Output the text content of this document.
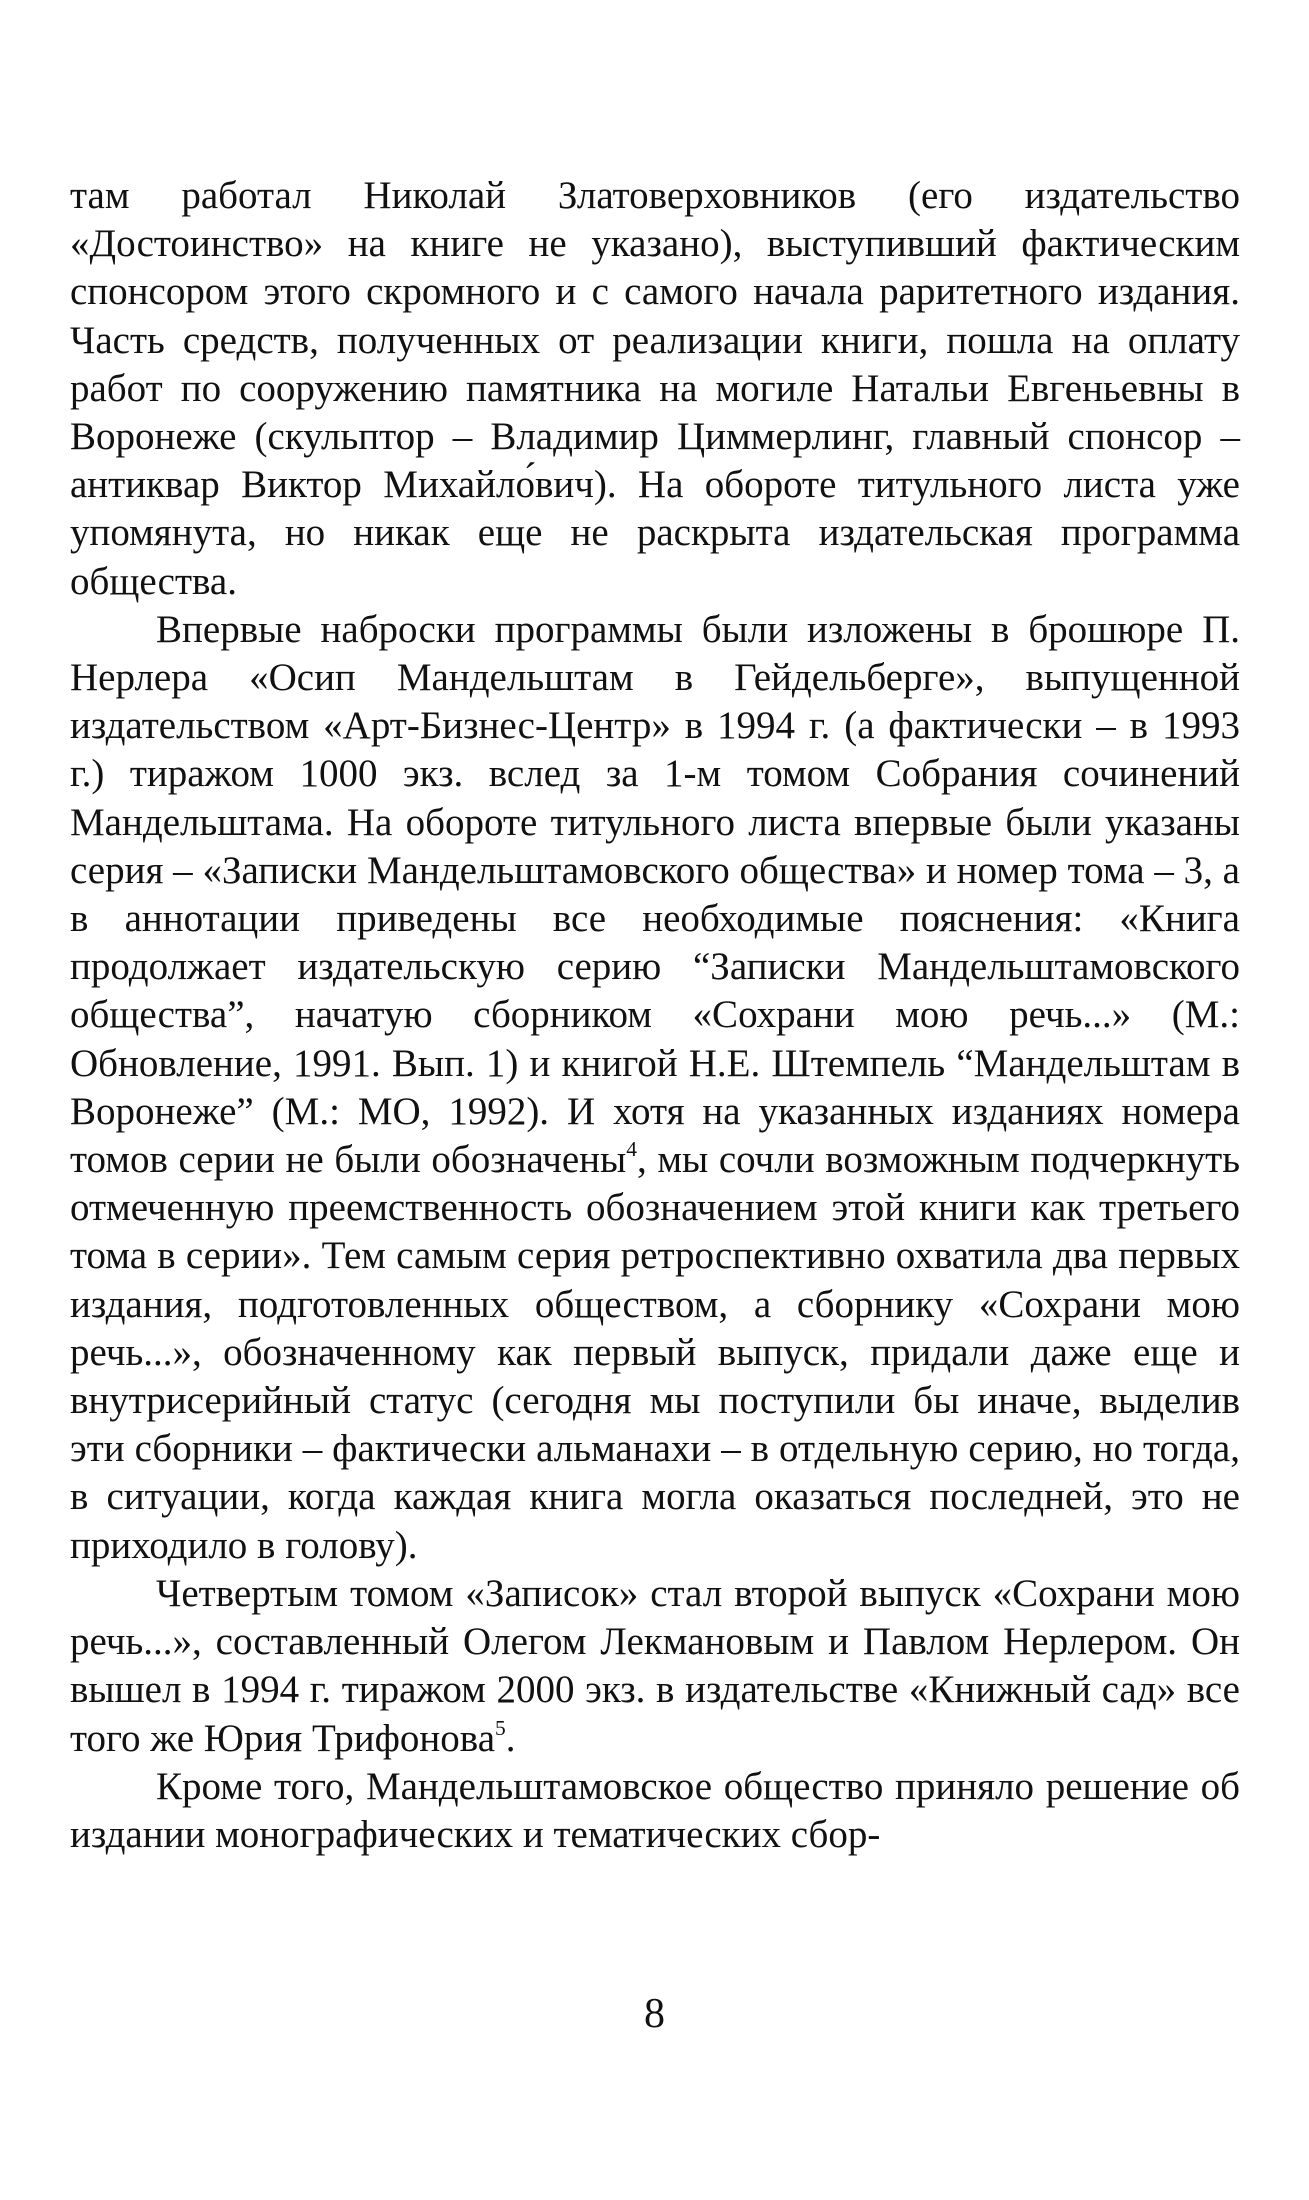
там работал Николай Златоверховников (его издательство «Достоинство» на книге не указано), выступивший фактическим спонсором этого скромного и с самого начала раритетного издания. Часть средств, полученных от реализации книги, пошла на оплату работ по сооружению памятника на могиле Натальи Евгеньевны в Воронеже (скульптор – Владимир Циммерлинг, главный спонсор – антиквар Виктор Михайло́вич). На обороте титульного листа уже упомянута, но никак еще не раскрыта издательская программа общества.

Впервые наброски программы были изложены в брошюре П. Нерлера «Осип Мандельштам в Гейдельберге», выпущенной издательством «Арт-Бизнес-Центр» в 1994 г. (а фактически – в 1993 г.) тиражом 1000 экз. вслед за 1-м томом Собрания сочинений Мандельштама. На обороте титульного листа впервые были указаны серия – «Записки Мандельштамовского общества» и номер тома – 3, а в аннотации приведены все необходимые пояснения: «Книга продолжает издательскую серию “Записки Мандельштамовского общества”, начатую сборником «Сохрани мою речь...» (М.: Обновление, 1991. Вып. 1) и книгой Н.Е. Штемпель “Мандельштам в Воронеже” (М.: МО, 1992). И хотя на указанных изданиях номера томов серии не были обозначены$^4$, мы сочли возможным подчеркнуть отмеченную преемственность обозначением этой книги как третьего тома в серии». Тем самым серия ретроспективно охватила два первых издания, подготовленных обществом, а сборнику «Сохрани мою речь...», обозначенному как первый выпуск, придали даже еще и внутрисерийный статус (сегодня мы поступили бы иначе, выделив эти сборники – фактически альманахи – в отдельную серию, но тогда, в ситуации, когда каждая книга могла оказаться последней, это не приходило в голову).

Четвертым томом «Записок» стал второй выпуск «Сохрани мою речь...», составленный Олегом Лекмановым и Павлом Нерлером. Он вышел в 1994 г. тиражом 2000 экз. в издательстве «Книжный сад» все того же Юрия Трифонова$^5$.

Кроме того, Мандельштамовское общество приняло решение об издании монографических и тематических сбор-

8
